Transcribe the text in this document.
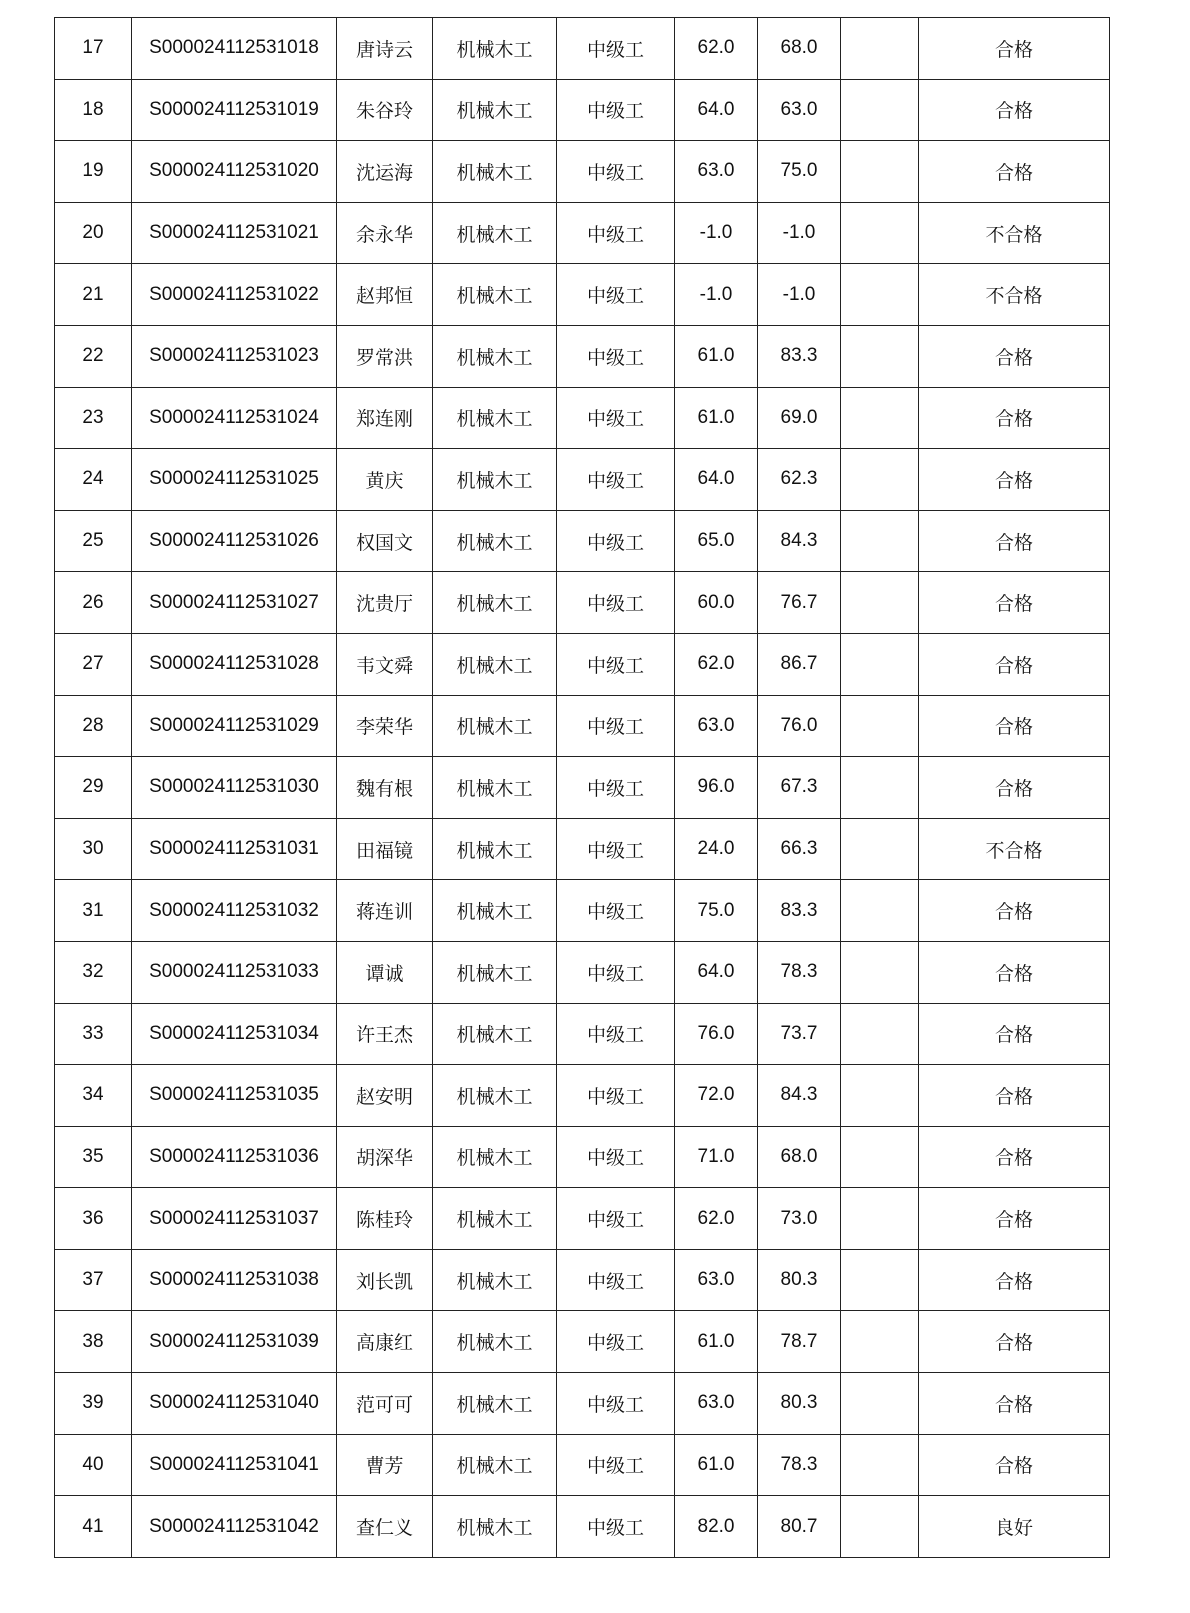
17	S000024112531018	唐诗云	机械木工	中级工	62.0	68.0		合格
18	S000024112531019	朱谷玲	机械木工	中级工	64.0	63.0		合格
19	S000024112531020	沈运海	机械木工	中级工	63.0	75.0		合格
20	S000024112531021	余永华	机械木工	中级工	-1.0	-1.0		不合格
21	S000024112531022	赵邦恒	机械木工	中级工	-1.0	-1.0		不合格
22	S000024112531023	罗常洪	机械木工	中级工	61.0	83.3		合格
23	S000024112531024	郑连刚	机械木工	中级工	61.0	69.0		合格
24	S000024112531025	黄庆	机械木工	中级工	64.0	62.3		合格
25	S000024112531026	权国文	机械木工	中级工	65.0	84.3		合格
26	S000024112531027	沈贵厅	机械木工	中级工	60.0	76.7		合格
27	S000024112531028	韦文舜	机械木工	中级工	62.0	86.7		合格
28	S000024112531029	李荣华	机械木工	中级工	63.0	76.0		合格
29	S000024112531030	魏有根	机械木工	中级工	96.0	67.3		合格
30	S000024112531031	田福镜	机械木工	中级工	24.0	66.3		不合格
31	S000024112531032	蒋连训	机械木工	中级工	75.0	83.3		合格
32	S000024112531033	谭诚	机械木工	中级工	64.0	78.3		合格
33	S000024112531034	许王杰	机械木工	中级工	76.0	73.7		合格
34	S000024112531035	赵安明	机械木工	中级工	72.0	84.3		合格
35	S000024112531036	胡深华	机械木工	中级工	71.0	68.0		合格
36	S000024112531037	陈桂玲	机械木工	中级工	62.0	73.0		合格
37	S000024112531038	刘长凯	机械木工	中级工	63.0	80.3		合格
38	S000024112531039	高康红	机械木工	中级工	61.0	78.7		合格
39	S000024112531040	范可可	机械木工	中级工	63.0	80.3		合格
40	S000024112531041	曹芳	机械木工	中级工	61.0	78.3		合格
41	S000024112531042	查仁义	机械木工	中级工	82.0	80.7		良好
